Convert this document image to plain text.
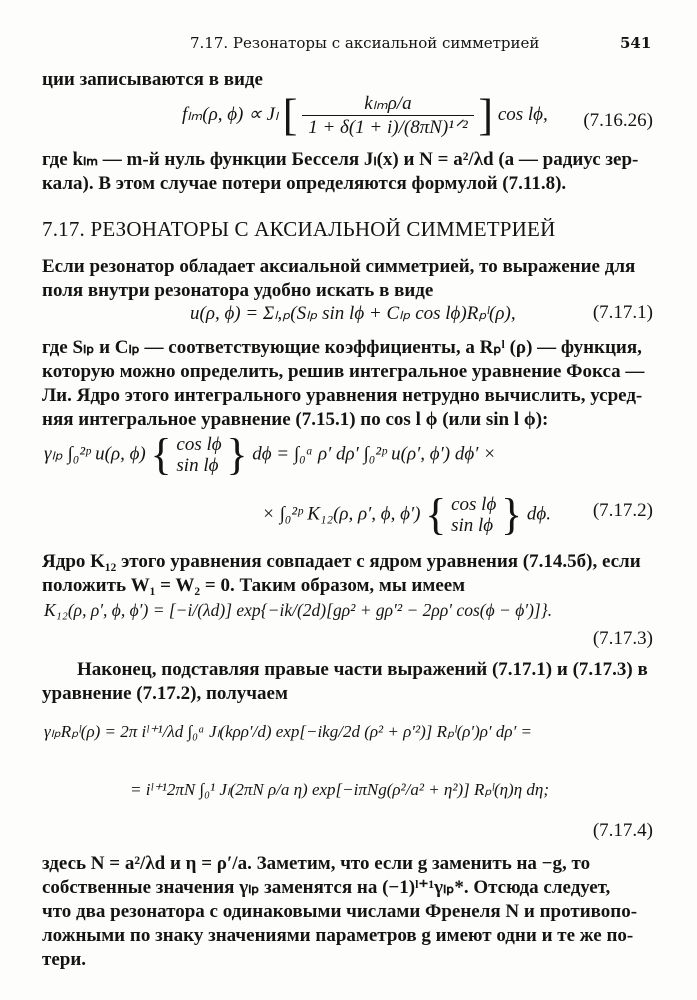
7.17. Резонаторы с аксиальной симметрией	541
ции записываются в виде
fₗₘ(ρ, ϕ) ∝ Jₗ [ $\frac{\text{kₗₘρ/a}}{\text{1 + δ(1 + i)/(8πN)¹ᐟ²}}$ ] cos lϕ, (7.16.26)
где kₗₘ — m-й нуль функции Бесселя Jₗ(x) и N = a²/λd (a — радиус зер-
кала). В этом случае потери определяются формулой (7.11.8).
7.17. РЕЗОНАТОРЫ С АКСИАЛЬНОЙ СИММЕТРИЕЙ
Если резонатор обладает аксиальной симметрией, то выражение для
поля внутри резонатора удобно искать в виде
u(ρ, ϕ) = Σₗ,ₚ(Sₗₚ sin lϕ + Cₗₚ cos lϕ)Rₚˡ(ρ),	(7.17.1)
где Sₗₚ и Cₗₚ — соответствующие коэффициенты, а Rₚˡ (ρ) — функция,
которую можно определить, решив интегральное уравнение Фокса —
Ли. Ядро этого интегрального уравнения нетрудно вычислить, усред-
няя интегральное уравнение (7.15.1) по cos l ϕ (или sin l ϕ):
γₗₚ ∫₀²ᵖ u(ρ, ϕ) { cos lϕ
sin lϕ } dϕ = ∫₀ᵃ ρ′ dρ′ ∫₀²ᵖ u(ρ′, ϕ′) dϕ′ ×
× ∫₀²ᵖ K₁₂(ρ, ρ′, ϕ, ϕ′) { cos lϕ
sin lϕ } dϕ. (7.17.2)
Ядро K₁₂ этого уравнения совпадает с ядром уравнения (7.14.5б), если
положить W₁ = W₂ = 0. Таким образом, мы имеем
K₁₂(ρ, ρ′, ϕ, ϕ′) = [−i/(λd)] exp{−ik/(2d)[gρ² + gρ′² − 2ρρ′ cos(ϕ − ϕ′)]}.
(7.17.3)
Наконец, подставляя правые части выражений (7.17.1) и (7.17.3) в
уравнение (7.17.2), получаем
γₗₚRₚˡ(ρ) = 2π iˡ⁺¹/λd ∫₀ᵃ Jₗ(kρρ′/d) exp[−ikg/2d (ρ² + ρ′²)] Rₚˡ(ρ′)ρ′ dρ′ =
= iˡ⁺¹2πN ∫₀¹ Jₗ(2πN ρ/a η) exp[−iπNg(ρ²/a² + η²)] Rₚˡ(η)η dη;
(7.17.4)
здесь N = a²/λd и η = ρ′/a. Заметим, что если g заменить на −g, то
собственные значения γₗₚ заменятся на (−1)ˡ⁺¹γₗₚ*. Отсюда следует,
что два резонатора с одинаковыми числами Френеля N и противопо-
ложными по знаку значениями параметров g имеют одни и те же по-
тери.
